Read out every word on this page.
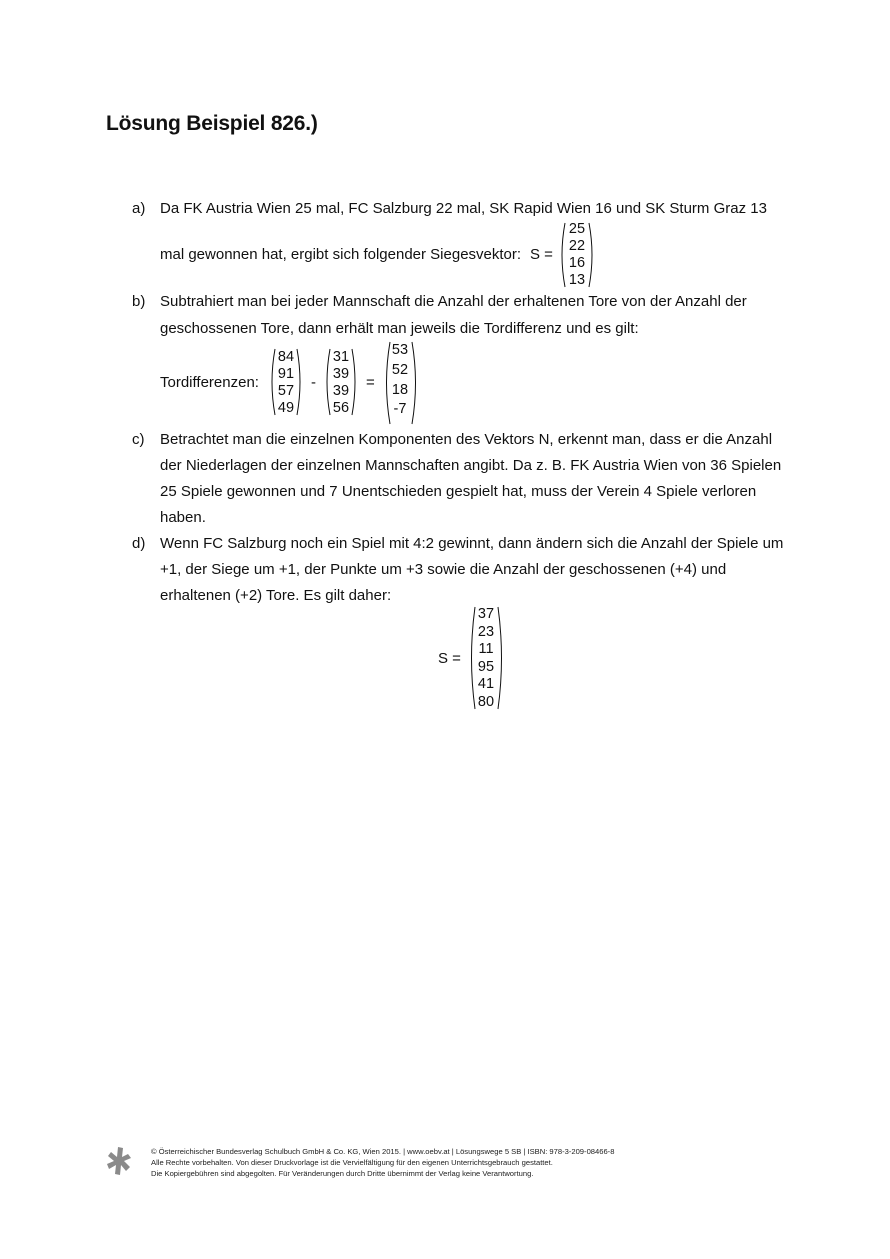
Lösung Beispiel 826.)
a) Da FK Austria Wien 25 mal, FC Salzburg 22 mal, SK Rapid Wien 16 und SK Sturm Graz 13
mal gewonnen hat, ergibt sich folgender Siegesvektor: S =
25
22
16
13
b) Subtrahiert man bei jeder Mannschaft die Anzahl der erhaltenen Tore von der Anzahl der
geschossenen Tore, dann erhält man jeweils die Tordifferenz und es gilt:
Tordifferenzen:
84
91
57
49
-
31
39
39
56
=
53
52
18
-7
c) Betrachtet man die einzelnen Komponenten des Vektors N, erkennt man, dass er die Anzahl
der Niederlagen der einzelnen Mannschaften angibt. Da z. B. FK Austria Wien von 36 Spielen
25 Spiele gewonnen und 7 Unentschieden gespielt hat, muss der Verein 4 Spiele verloren
haben.
d) Wenn FC Salzburg noch ein Spiel mit 4:2 gewinnt, dann ändern sich die Anzahl der Spiele um
+1, der Siege um +1, der Punkte um +3 sowie die Anzahl der geschossenen (+4) und
erhaltenen (+2) Tore. Es gilt daher:
S =
37
23
11
95
41
80
© Österreichischer Bundesverlag Schulbuch GmbH & Co. KG, Wien 2015. | www.oebv.at | Lösungswege 5 SB | ISBN: 978-3-209-08466-8
Alle Rechte vorbehalten. Von dieser Druckvorlage ist die Vervielfältigung für den eigenen Unterrichtsgebrauch gestattet.
Die Kopiergebühren sind abgegolten. Für Veränderungen durch Dritte übernimmt der Verlag keine Verantwortung.
